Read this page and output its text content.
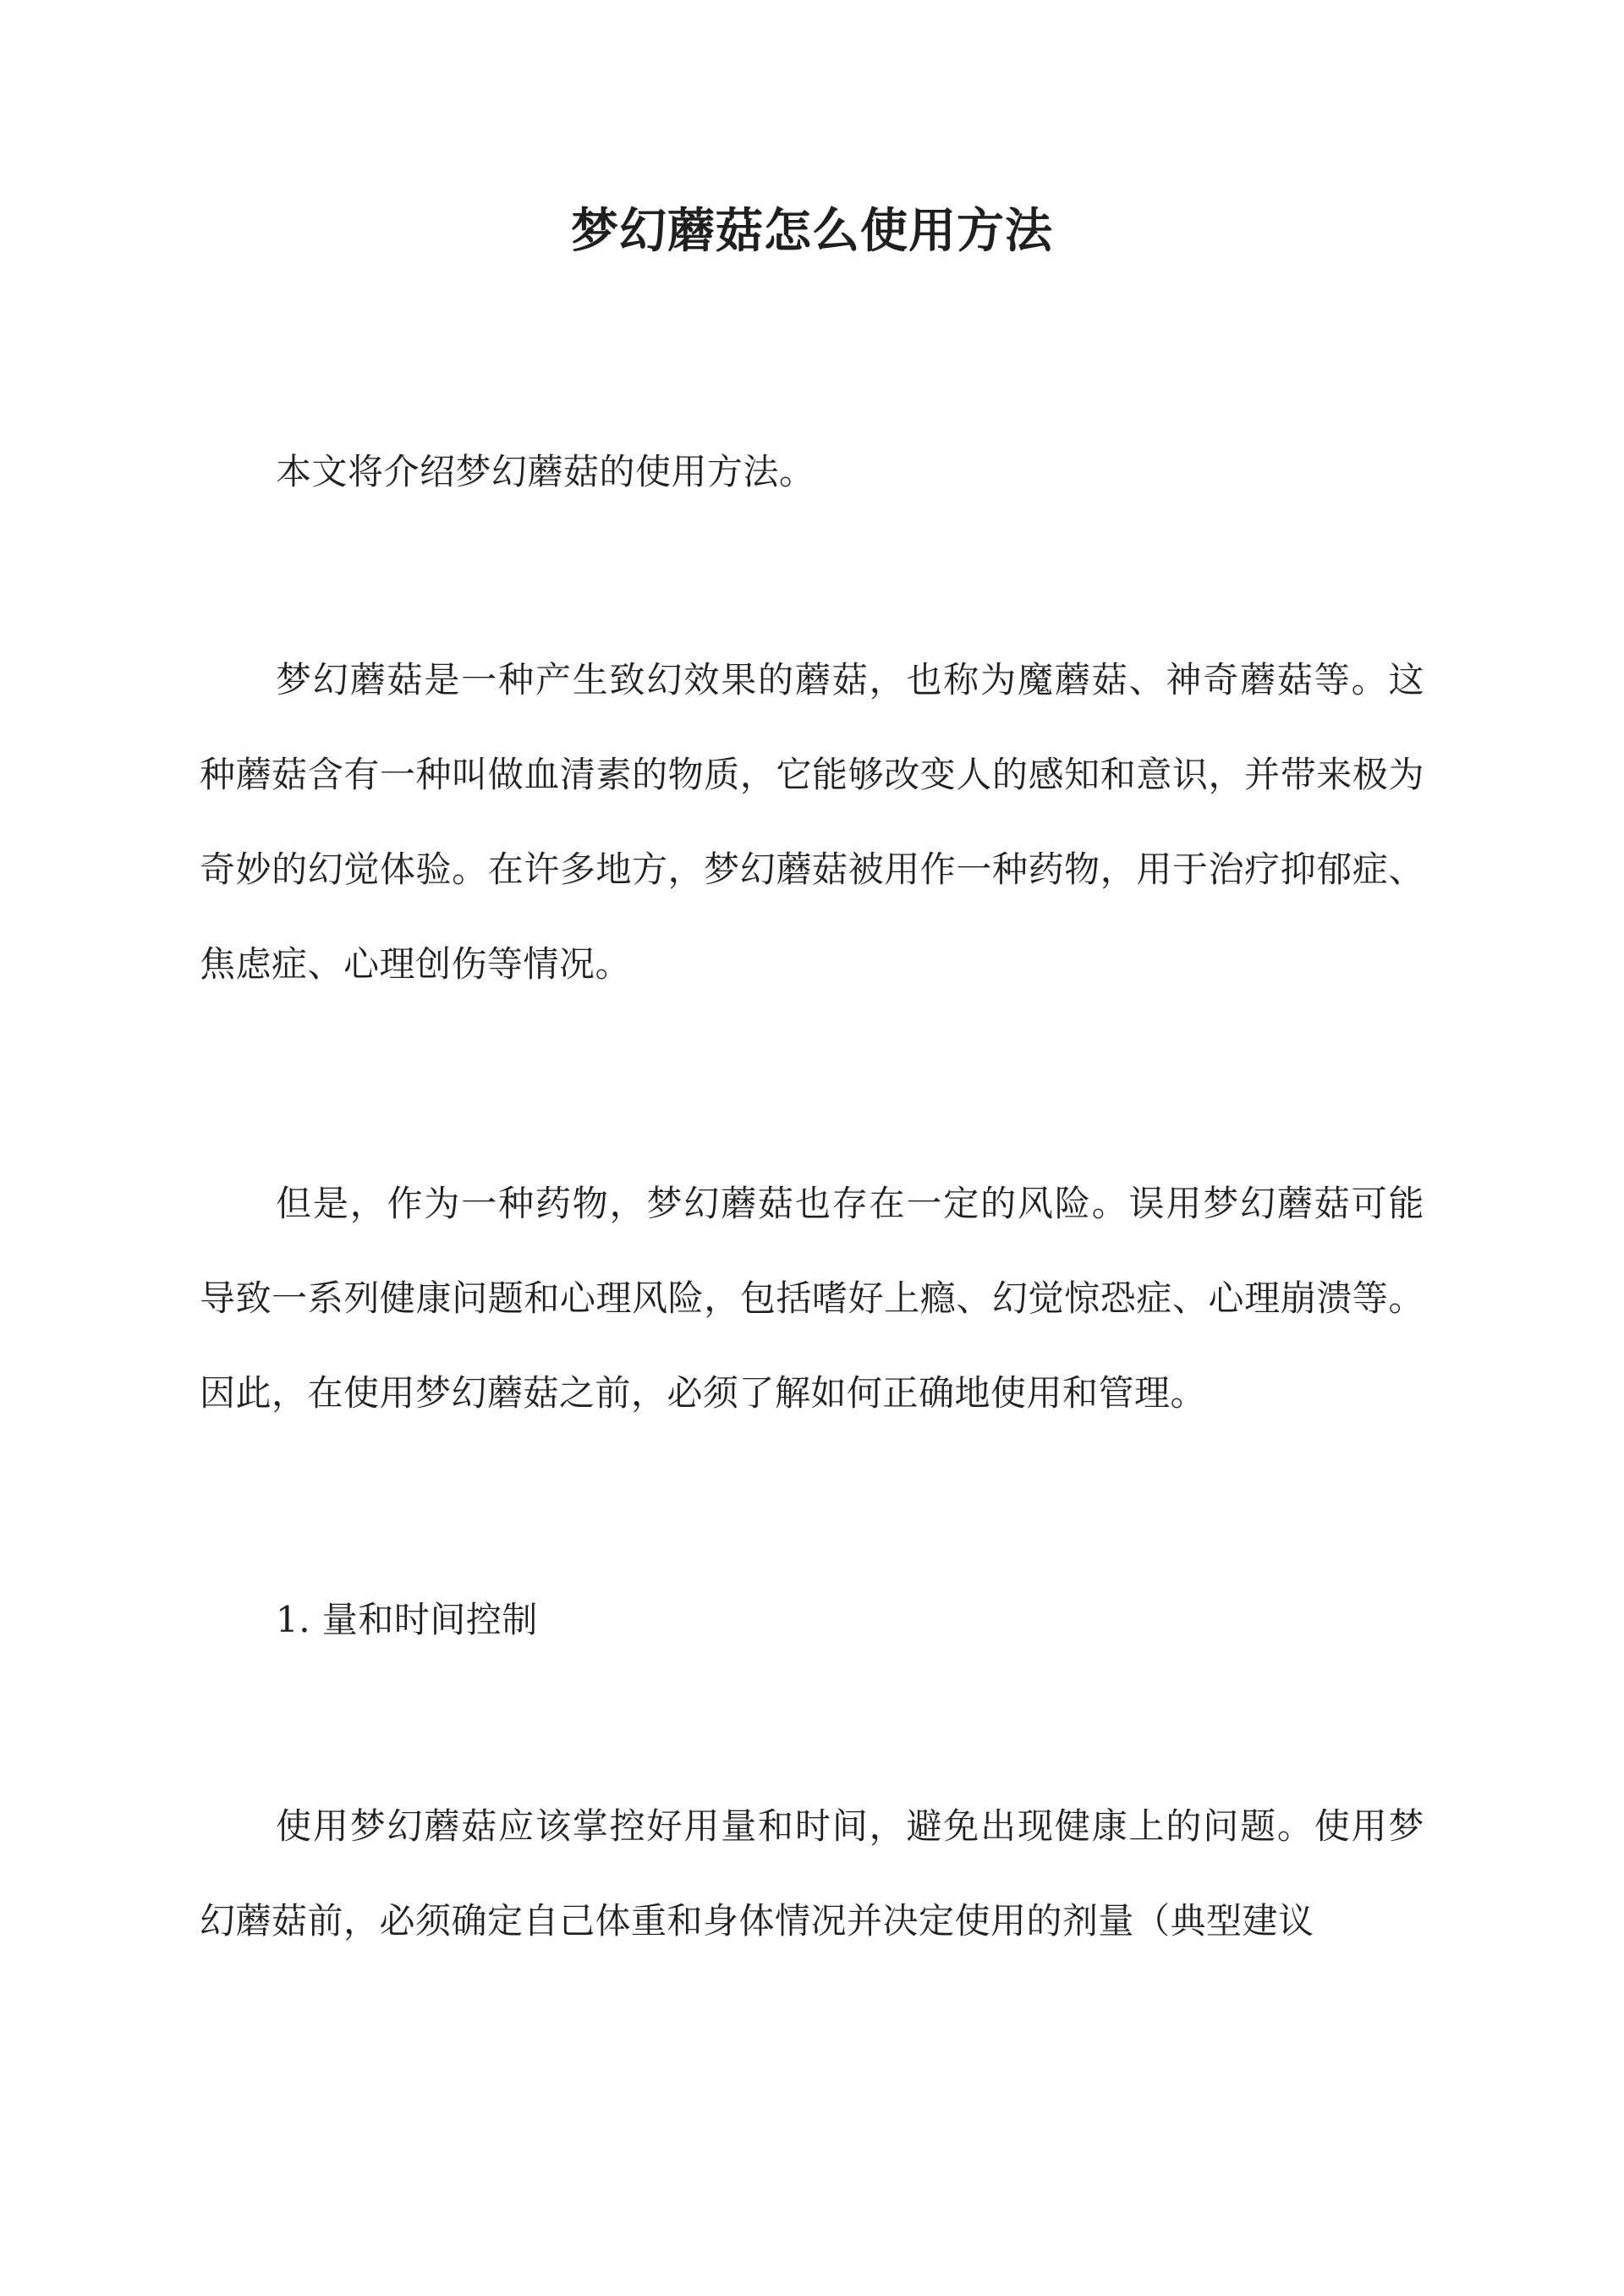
梦幻蘑菇怎么使用方法

本文将介绍梦幻蘑菇的使用方法。

梦幻蘑菇是一种产生致幻效果的蘑菇，也称为魔蘑菇、神奇蘑菇等。这种蘑菇含有一种叫做血清素的物质，它能够改变人的感知和意识，并带来极为奇妙的幻觉体验。在许多地方，梦幻蘑菇被用作一种药物，用于治疗抑郁症、焦虑症、心理创伤等情况。

但是，作为一种药物，梦幻蘑菇也存在一定的风险。误用梦幻蘑菇可能导致一系列健康问题和心理风险，包括嗜好上瘾、幻觉惊恐症、心理崩溃等。因此，在使用梦幻蘑菇之前，必须了解如何正确地使用和管理。

1. 量和时间控制

使用梦幻蘑菇应该掌控好用量和时间，避免出现健康上的问题。使用梦幻蘑菇前，必须确定自己体重和身体情况并决定使用的剂量（典型建议
